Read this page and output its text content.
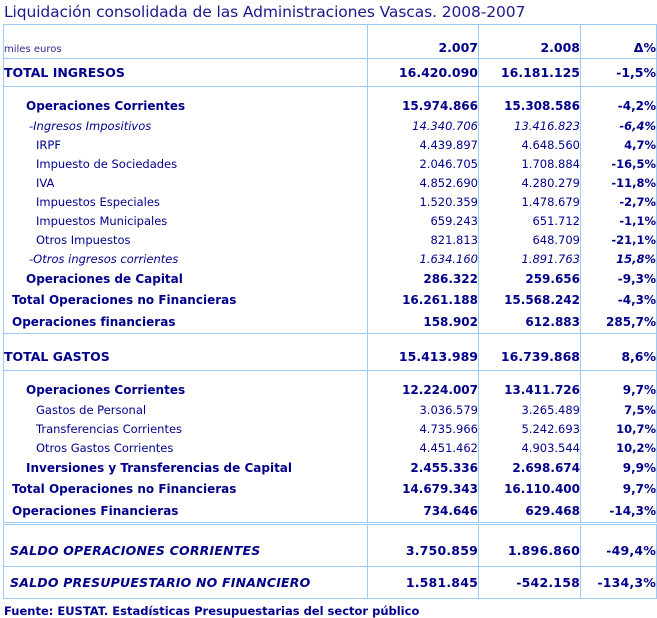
Liquidación consolidada de las Administraciones Vascas. 2008-2007
miles euros	2.007	2.008	Δ%
TOTAL INGRESOS	16.420.090	16.181.125	-1,5%

Operaciones Corrientes	15.974.866	15.308.586	-4,2%
-Ingresos Impositivos	14.340.706	13.416.823	-6,4%
IRPF	4.439.897	4.648.560	4,7%
Impuesto de Sociedades	2.046.705	1.708.884	-16,5%
IVA	4.852.690	4.280.279	-11,8%
Impuestos Especiales	1.520.359	1.478.679	-2,7%
Impuestos Municipales	659.243	651.712	-1,1%
Otros Impuestos	821.813	648.709	-21,1%
-Otros ingresos corrientes	1.634.160	1.891.763	15,8%
Operaciones de Capital	286.322	259.656	-9,3%
Total Operaciones no Financieras	16.261.188	15.568.242	-4,3%
Operaciones financieras	158.902	612.883	285,7%

TOTAL GASTOS	15.413.989	16.739.868	8,6%

Operaciones Corrientes	12.224.007	13.411.726	9,7%
Gastos de Personal	3.036.579	3.265.489	7,5%
Transferencias Corrientes	4.735.966	5.242.693	10,7%
Otros Gastos Corrientes	4.451.462	4.903.544	10,2%
Inversiones y Transferencias de Capital	2.455.336	2.698.674	9,9%
Total Operaciones no Financieras	14.679.343	16.110.400	9,7%
Operaciones Financieras	734.646	629.468	-14,3%

SALDO OPERACIONES CORRIENTES	3.750.859	1.896.860	-49,4%
SALDO PRESUPUESTARIO NO FINANCIERO	1.581.845	-542.158	-134,3%
Fuente: EUSTAT. Estadísticas Presupuestarias del sector público
